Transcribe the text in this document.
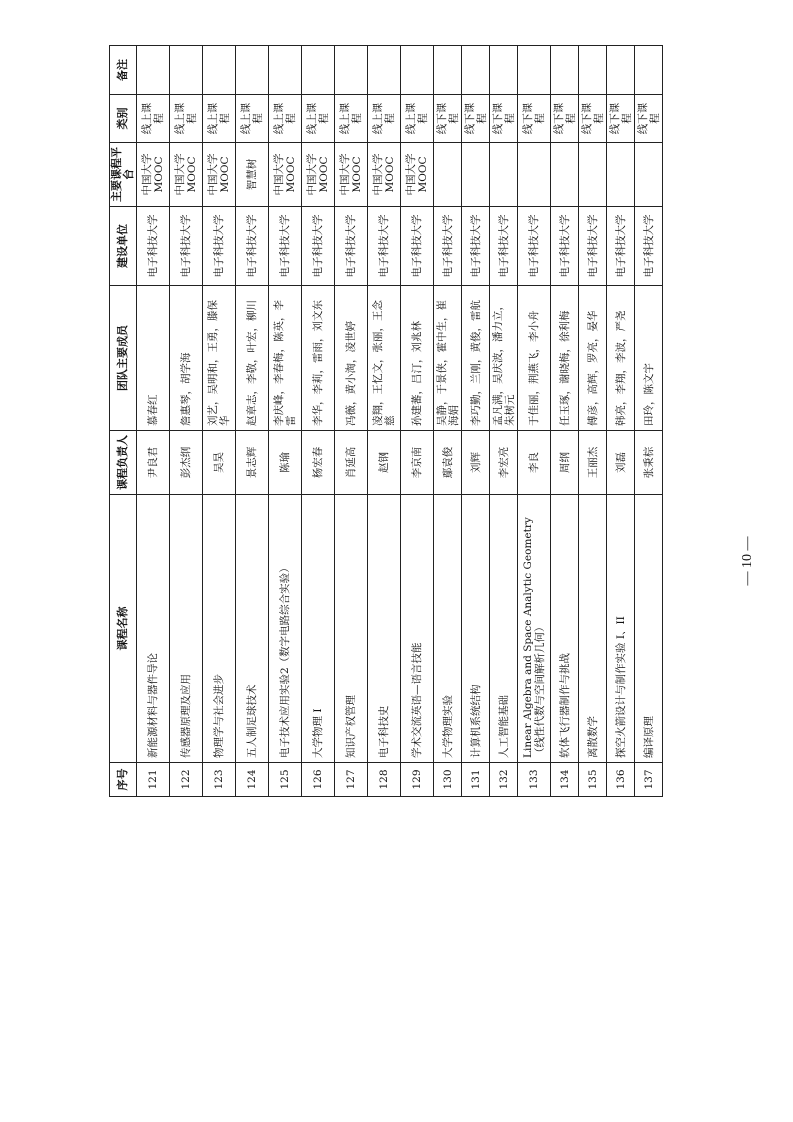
序号	课程名称	课程负责人	团队主要成员	建设单位	主要课程平台	类别	备注
121	新能源材料与器件导论	尹良君	慕春红	电子科技大学	中国大学MOOC	线上课程	
122	传感器原理及应用	彭杰纲	詹惠琴，胡学海	电子科技大学	中国大学MOOC	线上课程	
123	物理学与社会进步	吴昊	刘艺，吴明和，王勇，滕保华	电子科技大学	中国大学MOOC	线上课程	
124	五人制足球技术	景志辉	赵章志，李敬，叶宏，柳川	电子科技大学	智慧树	线上课程	
125	电子技术应用实验2（数字电路综合实验）	陈瑜	李庆峰，李春梅，陈英，李雷	电子科技大学	中国大学MOOC	线上课程	
126	大学物理 I	杨宏春	李华，李莉，雷雨，刘文东	电子科技大学	中国大学MOOC	线上课程	
127	知识产权管理	肖延高	冯薇，黄小淘，凌世婷	电子科技大学	中国大学MOOC	线上课程	
128	电子科技史	赵钢	凌翔，王忆文，张丽，王念慈	电子科技大学	中国大学MOOC	线上课程	
129	学术交流英语—语言技能	李京南	孙建蕃，吕汀，刘兆林	电子科技大学	中国大学MOOC	线上课程	
130	大学物理实验	鄢袁俊	吴静，于景侠，霍中生，崔海娟	电子科技大学		线下课程	
131	计算机系统结构	刘辉	李巧勤，兰刚，黄俊，雷航	电子科技大学		线下课程	
132	人工智能基础	李宏亮	孟凡满，吴庆波，潘力立，朱树元	电子科技大学		线下课程	
133	Linear Algebra and Space Analytic Geometry（线性代数与空间解析几何）	李良	于佳丽，荆燕飞，李小舟	电子科技大学		线下课程	
134	软体飞行器制作与挑战	周纲	任玉琢，谢晓梅，徐利梅	电子科技大学		线下课程	
135	离散数学	王丽杰	傅彦，高辉，罗亮，晏华	电子科技大学		线下课程	
136	探空火箭设计与制作实验 I、II	刘磊	韩亮，李翔，李波，严尧	电子科技大学		线下课程	
137	编译原理	张秉棕	田玲，陈文宇	电子科技大学		线下课程	
— 10 —
